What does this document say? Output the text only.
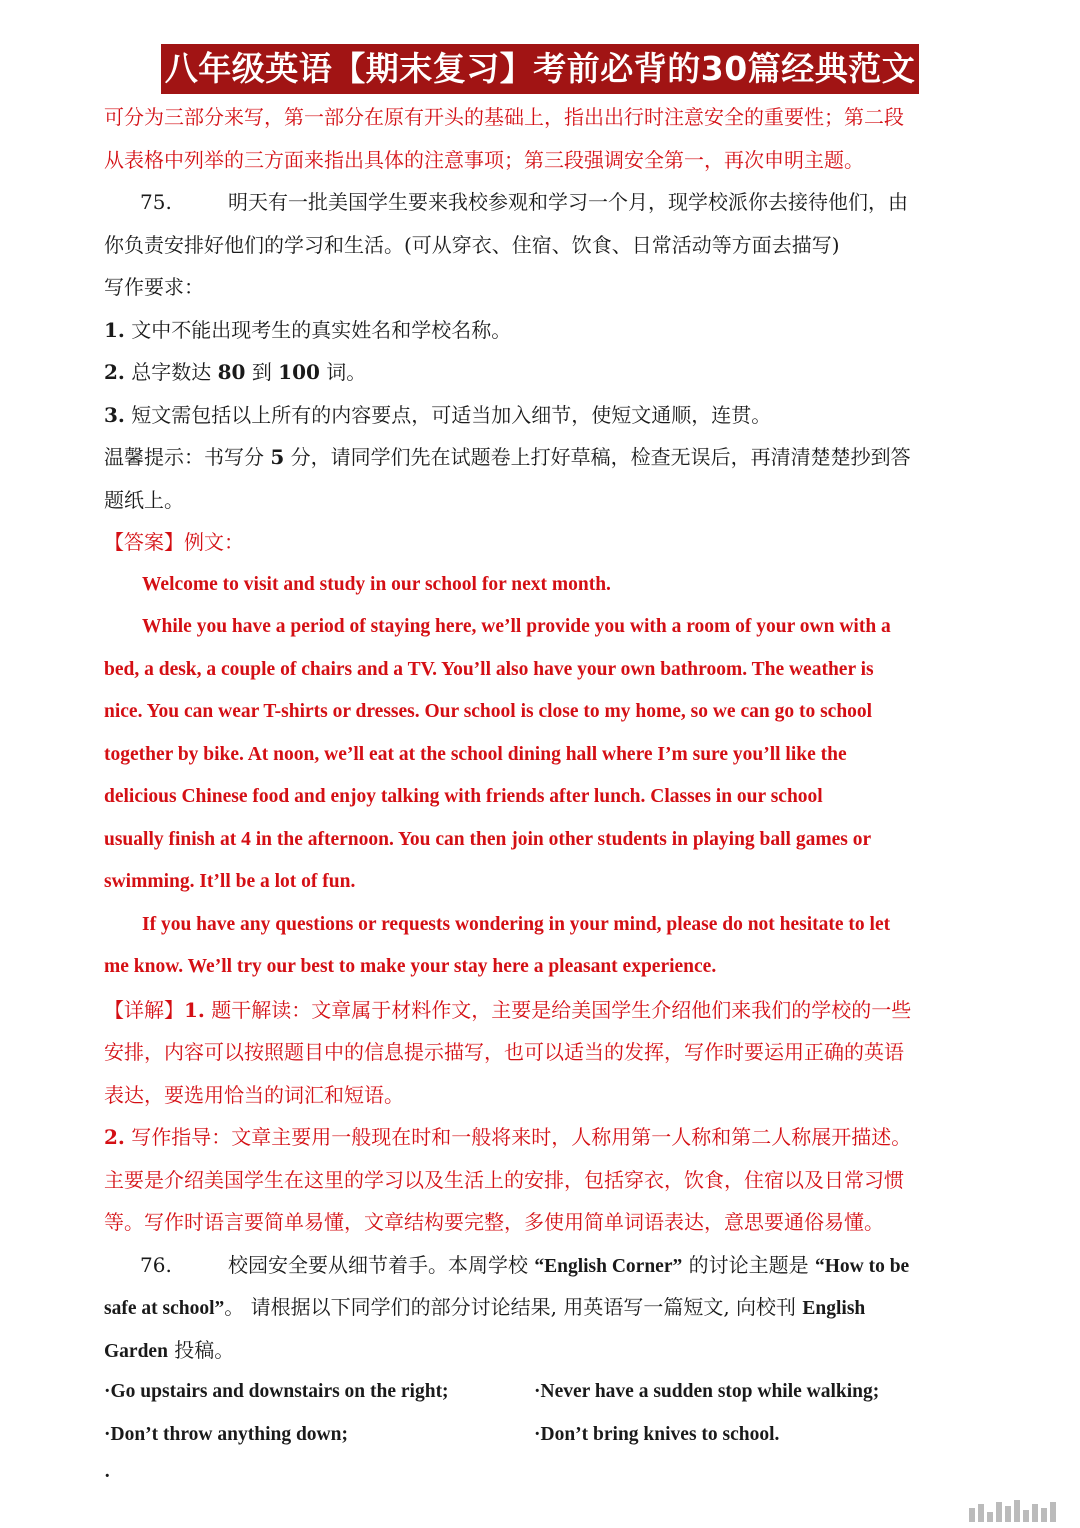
八年级英语【期末复习】考前必背的30篇经典范文
可分为三部分来写，第一部分在原有开头的基础上，指出出行时注意安全的重要性；第二段
从表格中列举的三方面来指出具体的注意事项；第三段强调安全第一，再次申明主题。
75.	明天有一批美国学生要来我校参观和学习一个月，现学校派你去接待他们，由
你负责安排好他们的学习和生活。(可从穿衣、住宿、饮食、日常活动等方面去描写)
写作要求：
1. 文中不能出现考生的真实姓名和学校名称。
2. 总字数达 80 到 100 词。
3. 短文需包括以上所有的内容要点，可适当加入细节，使短文通顺，连贯。
温馨提示：书写分 5 分，请同学们先在试题卷上打好草稿，检查无误后，再清清楚楚抄到答
题纸上。
【答案】例文：
Welcome to visit and study in our school for next month.
While you have a period of staying here, we’ll provide you with a room of your own with a
bed, a desk, a couple of chairs and a TV. You’ll also have your own bathroom. The weather is
nice. You can wear T-shirts or dresses. Our school is close to my home, so we can go to school
together by bike. At noon, we’ll eat at the school dining hall where I’m sure you’ll like the
delicious Chinese food and enjoy talking with friends after lunch. Classes in our school
usually finish at 4 in the afternoon. You can then join other students in playing ball games or
swimming. It’ll be a lot of fun.
If you have any questions or requests wondering in your mind, please do not hesitate to let
me know. We’ll try our best to make your stay here a pleasant experience.
【详解】1. 题干解读：文章属于材料作文，主要是给美国学生介绍他们来我们的学校的一些
安排，内容可以按照题目中的信息提示描写，也可以适当的发挥，写作时要运用正确的英语
表达，要选用恰当的词汇和短语。
2. 写作指导：文章主要用一般现在时和一般将来时，人称用第一人称和第二人称展开描述。
主要是介绍美国学生在这里的学习以及生活上的安排，包括穿衣，饮食，住宿以及日常习惯
等。写作时语言要简单易懂，文章结构要完整，多使用简单词语表达，意思要通俗易懂。
76.	校园安全要从细节着手。本周学校 “English Corner” 的讨论主题是 “How to be
safe at school”。 请根据以下同学们的部分讨论结果, 用英语写一篇短文, 向校刊 English
Garden 投稿。
·Go upstairs and downstairs on the right;	·Never have a sudden stop while walking;
·Don’t throw anything down;	·Don’t bring knives to school.
·
